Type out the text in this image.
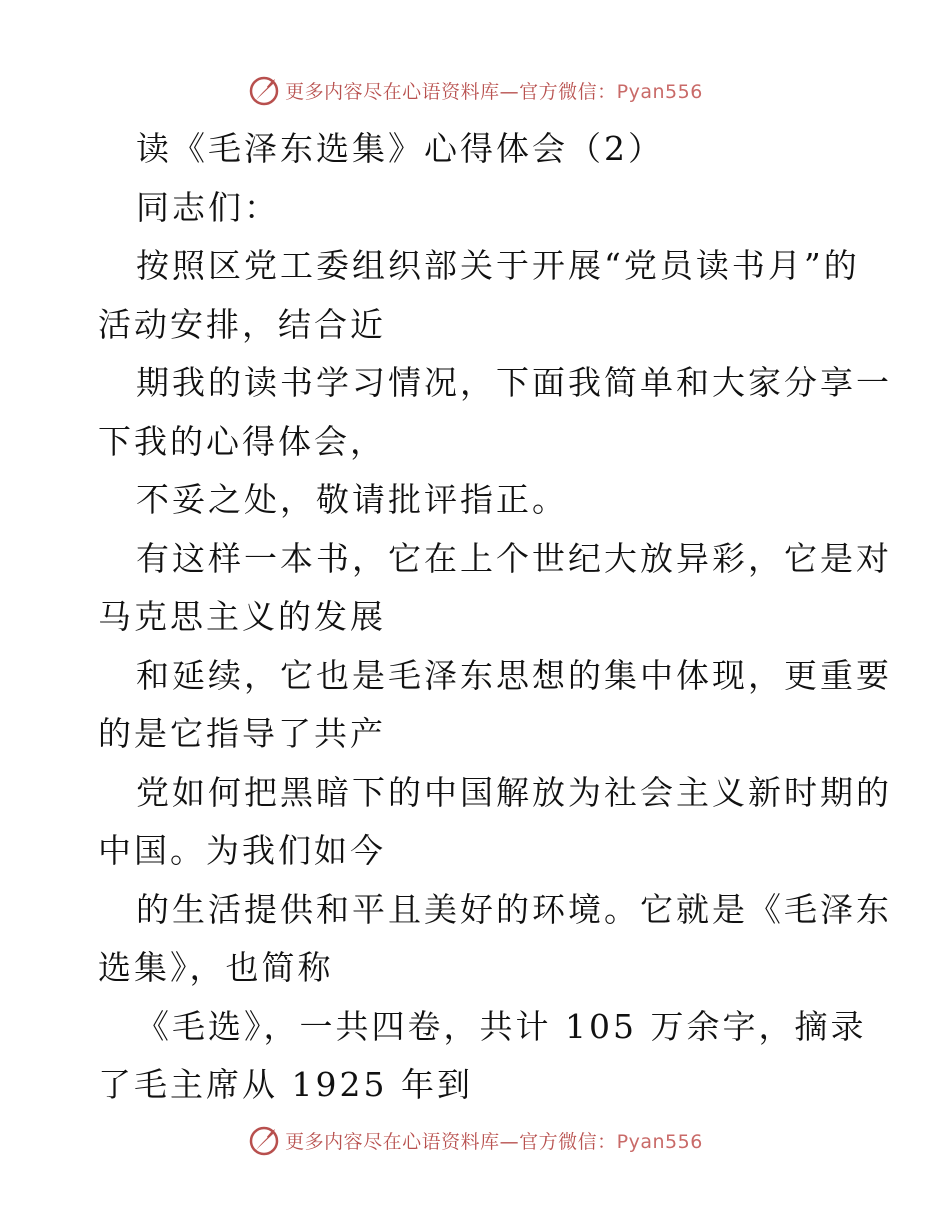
更多内容尽在心语资料库—官方微信：Pyan556

读《毛泽东选集》心得体会（2）

同志们：

按照区党工委组织部关于开展“党员读书月”的

活动安排，结合近

期我的读书学习情况，下面我简单和大家分享一

下我的心得体会，

不妥之处，敬请批评指正。

有这样一本书，它在上个世纪大放异彩，它是对

马克思主义的发展

和延续，它也是毛泽东思想的集中体现，更重要

的是它指导了共产

党如何把黑暗下的中国解放为社会主义新时期的

中国。为我们如今

的生活提供和平且美好的环境。它就是《毛泽东

选集》，也简称

《毛选》，一共四卷，共计 105 万余字，摘录

了毛主席从 1925 年到

更多内容尽在心语资料库—官方微信：Pyan556
